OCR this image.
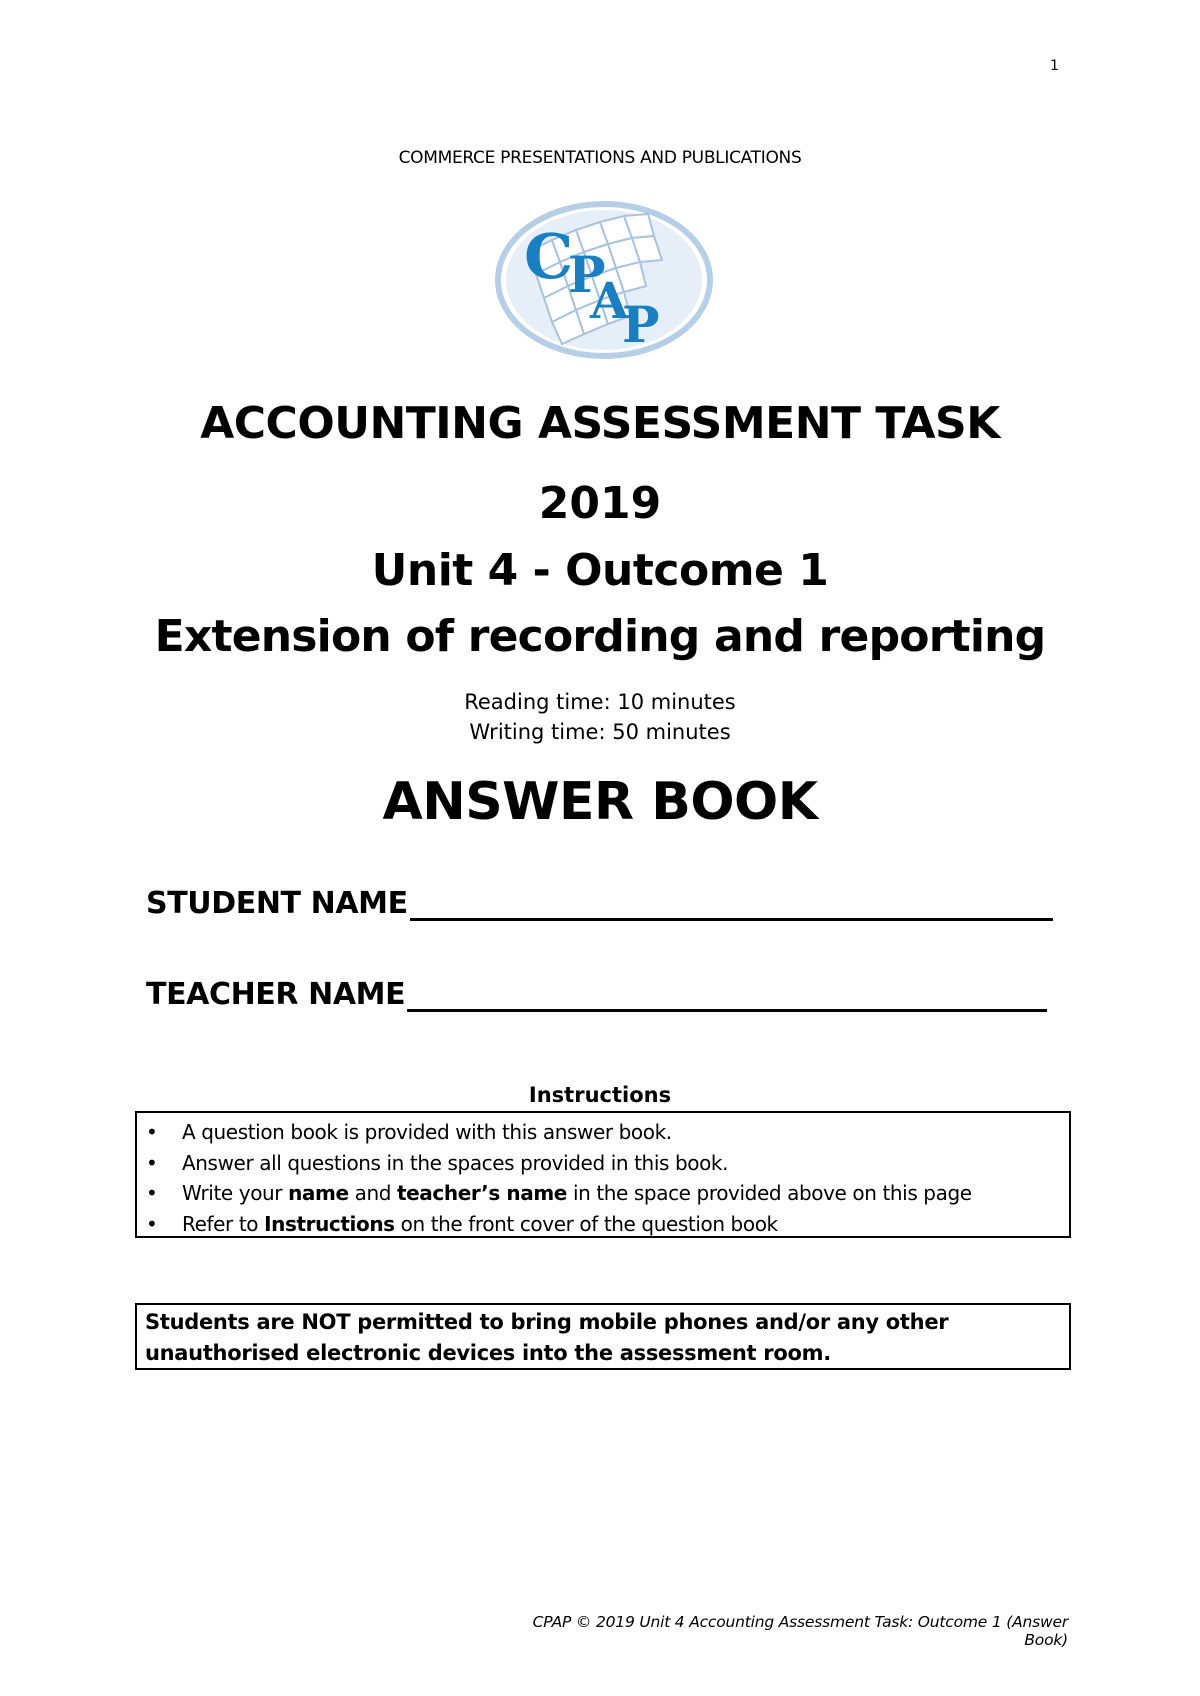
1
COMMERCE PRESENTATIONS AND PUBLICATIONS
C
P
A
P
ACCOUNTING ASSESSMENT TASK
2019
Unit 4 - Outcome 1
Extension of recording and reporting
Reading time: 10 minutes
Writing time: 50 minutes
ANSWER BOOK
STUDENT NAME
TEACHER NAME
Instructions
• A question book is provided with this answer book.
• Answer all questions in the spaces provided in this book.
• Write your name and teacher’s name in the space provided above on this page
• Refer to Instructions on the front cover of the question book
Students are NOT permitted to bring mobile phones and/or any other unauthorised electronic devices into the assessment room.
CPAP © 2019 Unit 4 Accounting Assessment Task: Outcome 1 (Answer Book)
